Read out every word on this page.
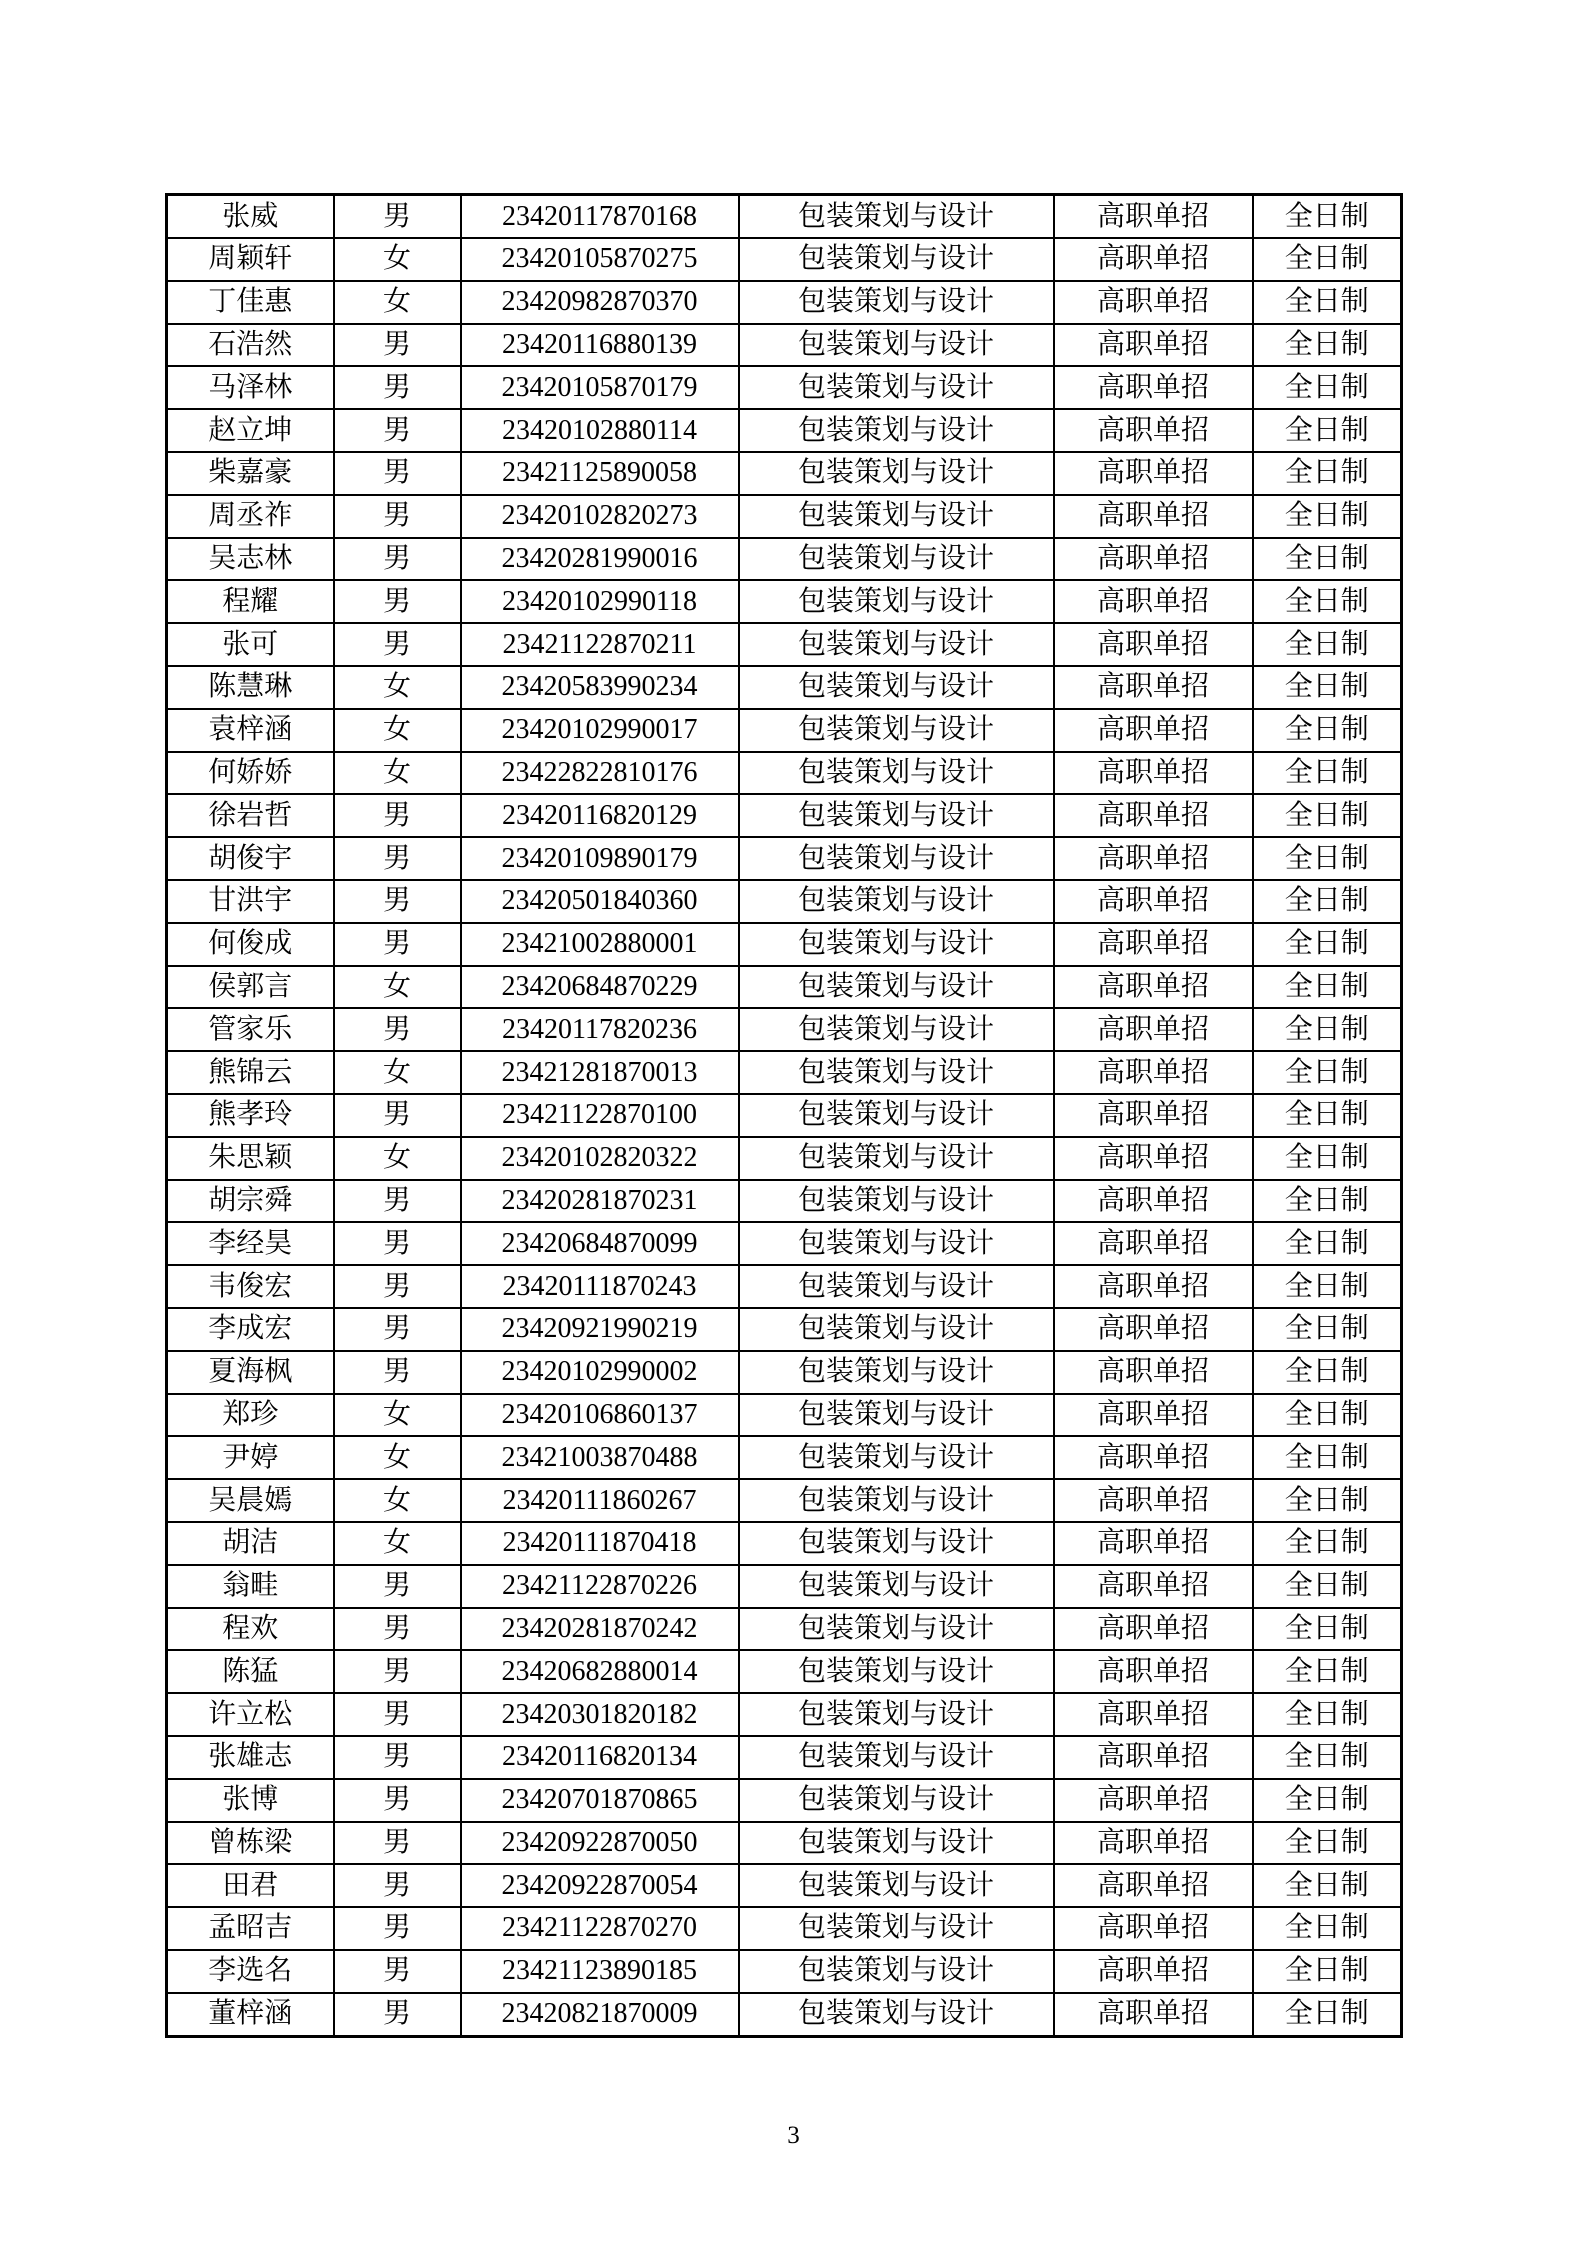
张威	男	23420117870168	包装策划与设计	高职单招	全日制
周颖轩	女	23420105870275	包装策划与设计	高职单招	全日制
丁佳惠	女	23420982870370	包装策划与设计	高职单招	全日制
石浩然	男	23420116880139	包装策划与设计	高职单招	全日制
马泽林	男	23420105870179	包装策划与设计	高职单招	全日制
赵立坤	男	23420102880114	包装策划与设计	高职单招	全日制
柴嘉豪	男	23421125890058	包装策划与设计	高职单招	全日制
周丞祚	男	23420102820273	包装策划与设计	高职单招	全日制
吴志林	男	23420281990016	包装策划与设计	高职单招	全日制
程耀	男	23420102990118	包装策划与设计	高职单招	全日制
张可	男	23421122870211	包装策划与设计	高职单招	全日制
陈慧琳	女	23420583990234	包装策划与设计	高职单招	全日制
袁梓涵	女	23420102990017	包装策划与设计	高职单招	全日制
何娇娇	女	23422822810176	包装策划与设计	高职单招	全日制
徐岩哲	男	23420116820129	包装策划与设计	高职单招	全日制
胡俊宇	男	23420109890179	包装策划与设计	高职单招	全日制
甘洪宇	男	23420501840360	包装策划与设计	高职单招	全日制
何俊成	男	23421002880001	包装策划与设计	高职单招	全日制
侯郭言	女	23420684870229	包装策划与设计	高职单招	全日制
管家乐	男	23420117820236	包装策划与设计	高职单招	全日制
熊锦云	女	23421281870013	包装策划与设计	高职单招	全日制
熊孝玲	男	23421122870100	包装策划与设计	高职单招	全日制
朱思颖	女	23420102820322	包装策划与设计	高职单招	全日制
胡宗舜	男	23420281870231	包装策划与设计	高职单招	全日制
李经昊	男	23420684870099	包装策划与设计	高职单招	全日制
韦俊宏	男	23420111870243	包装策划与设计	高职单招	全日制
李成宏	男	23420921990219	包装策划与设计	高职单招	全日制
夏海枫	男	23420102990002	包装策划与设计	高职单招	全日制
郑珍	女	23420106860137	包装策划与设计	高职单招	全日制
尹婷	女	23421003870488	包装策划与设计	高职单招	全日制
吴晨嫣	女	23420111860267	包装策划与设计	高职单招	全日制
胡洁	女	23420111870418	包装策划与设计	高职单招	全日制
翁畦	男	23421122870226	包装策划与设计	高职单招	全日制
程欢	男	23420281870242	包装策划与设计	高职单招	全日制
陈猛	男	23420682880014	包装策划与设计	高职单招	全日制
许立松	男	23420301820182	包装策划与设计	高职单招	全日制
张雄志	男	23420116820134	包装策划与设计	高职单招	全日制
张博	男	23420701870865	包装策划与设计	高职单招	全日制
曾栋梁	男	23420922870050	包装策划与设计	高职单招	全日制
田君	男	23420922870054	包装策划与设计	高职单招	全日制
孟昭吉	男	23421122870270	包装策划与设计	高职单招	全日制
李选名	男	23421123890185	包装策划与设计	高职单招	全日制
董梓涵	男	23420821870009	包装策划与设计	高职单招	全日制
3
